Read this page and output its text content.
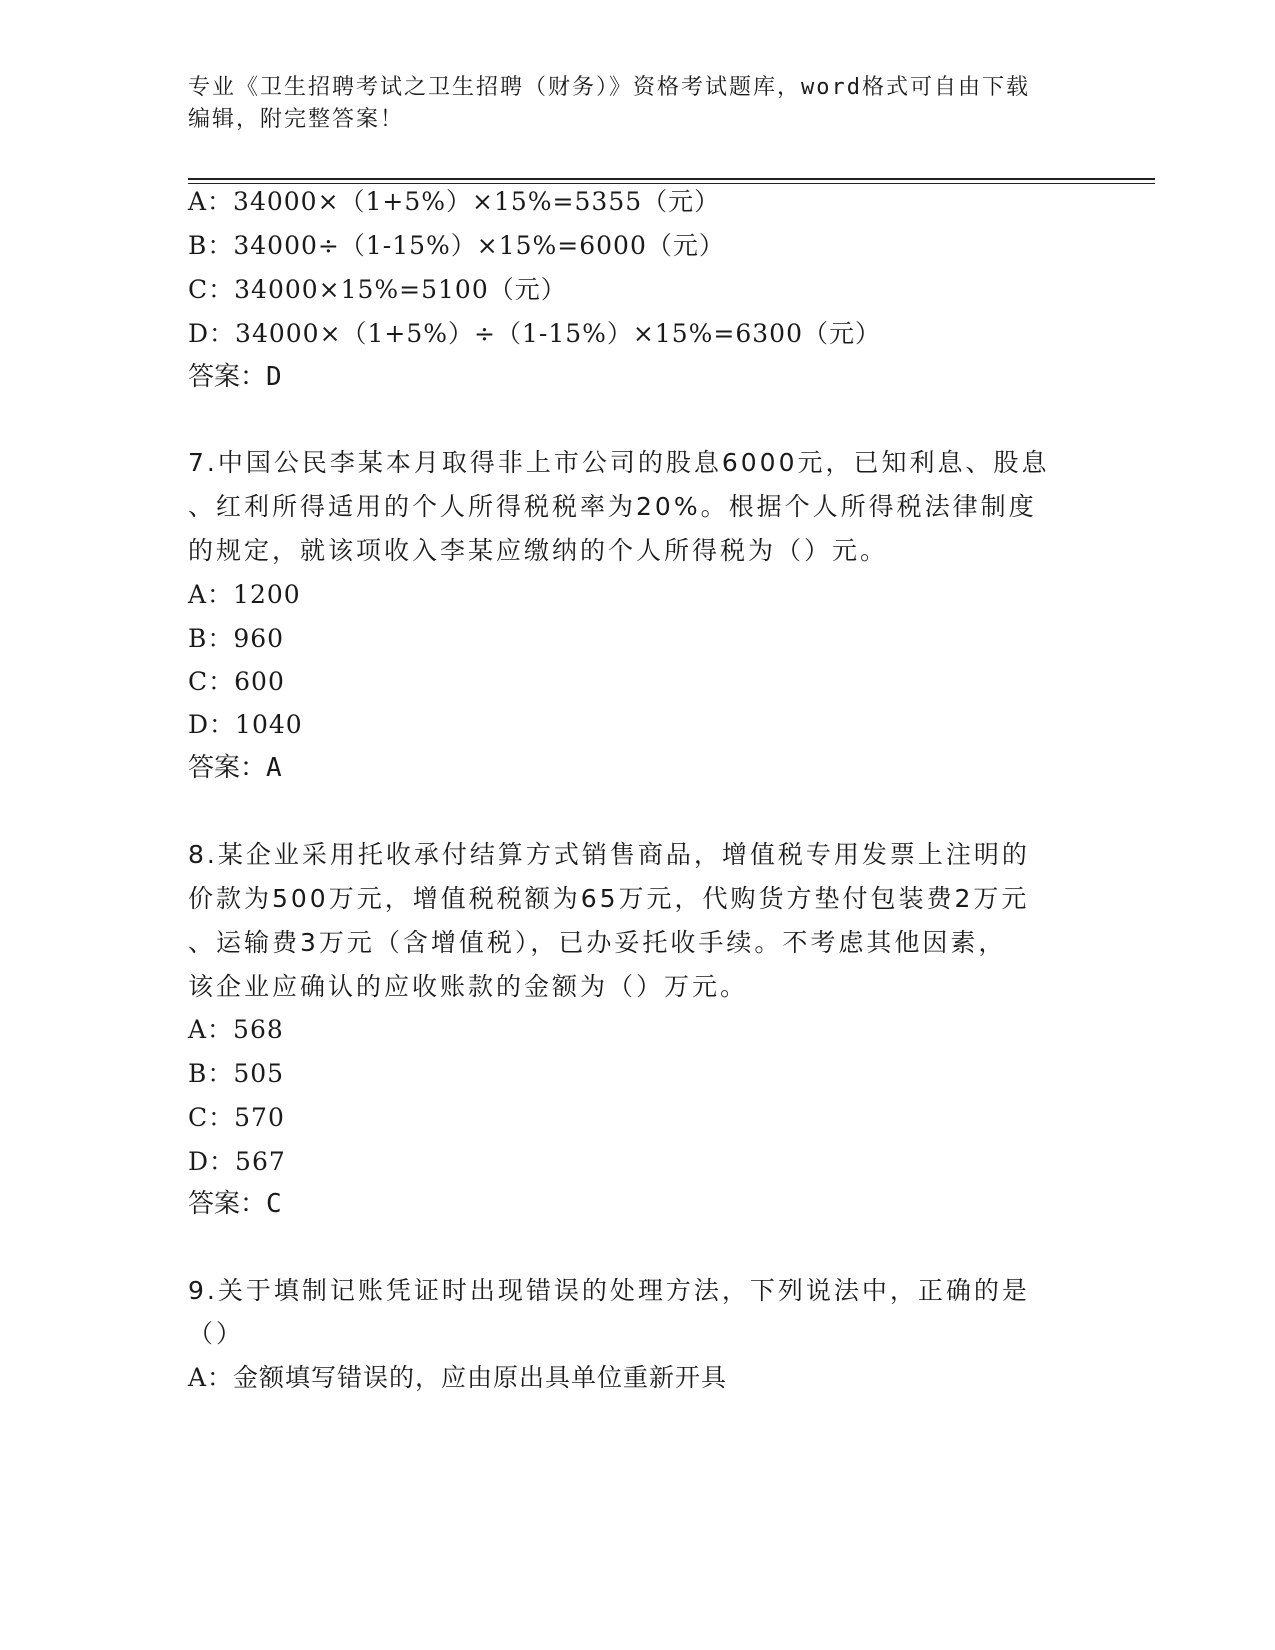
专业《卫生招聘考试之卫生招聘（财务）》资格考试题库，word格式可自由下载
编辑，附完整答案！
A：34000×（1+5%）×15%=5355（元）
B：34000÷（1-15%）×15%=6000（元）
C：34000×15%=5100（元）
D：34000×（1+5%）÷（1-15%）×15%=6300（元）
答案：D
7.中国公民李某本月取得非上市公司的股息6000元，已知利息、股息
、红利所得适用的个人所得税税率为20%。根据个人所得税法律制度
的规定，就该项收入李某应缴纳的个人所得税为（）元。
A：1200
B：960
C：600
D：1040
答案：A
8.某企业采用托收承付结算方式销售商品，增值税专用发票上注明的
价款为500万元，增值税税额为65万元，代购货方垫付包装费2万元
、运输费3万元（含增值税），已办妥托收手续。不考虑其他因素，
该企业应确认的应收账款的金额为（）万元。
A：568
B：505
C：570
D：567
答案：C
9.关于填制记账凭证时出现错误的处理方法，下列说法中，正确的是
（）
A：金额填写错误的，应由原出具单位重新开具
